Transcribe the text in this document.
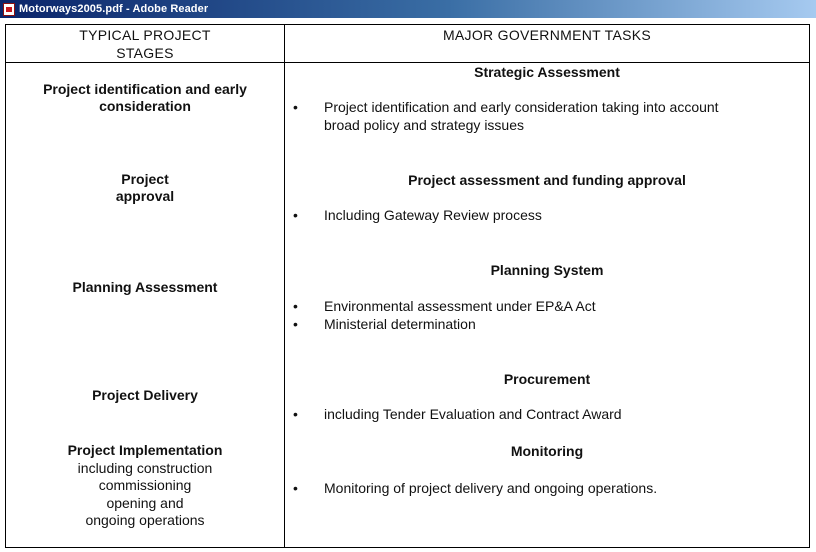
Motorways2005.pdf - Adobe Reader
TYPICAL PROJECT
STAGES
MAJOR GOVERNMENT TASKS
Project identification and early
consideration
Project
approval
Planning Assessment
Project Delivery
Project Implementation
including construction
commissioning
opening and
ongoing operations
Strategic Assessment
• Project identification and early consideration taking into account
broad policy and strategy issues
Project assessment and funding approval
• Including Gateway Review process
Planning System
• Environmental assessment under EP&A Act
• Ministerial determination
Procurement
• including Tender Evaluation and Contract Award
Monitoring
• Monitoring of project delivery and ongoing operations.
